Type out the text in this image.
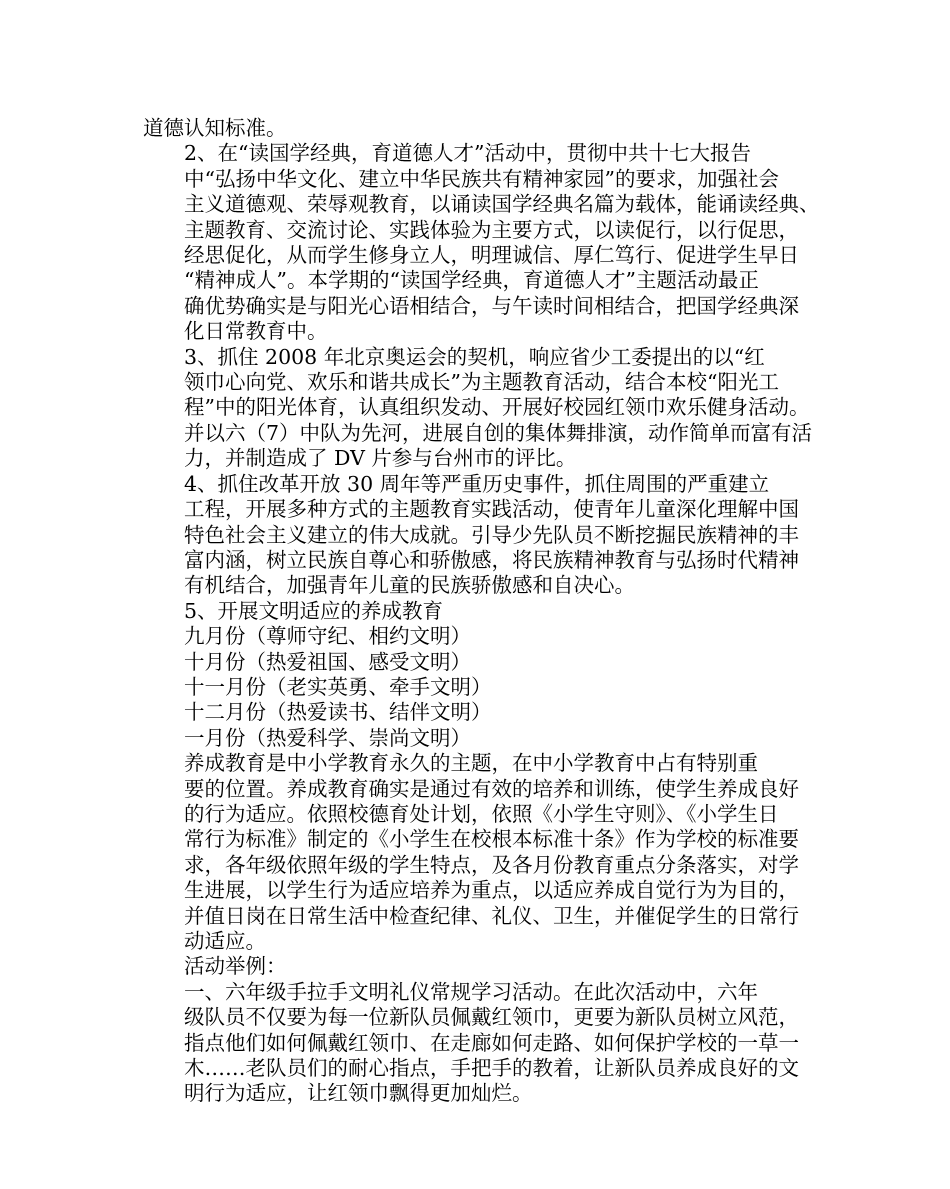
道德认知标准。
2、在“读国学经典，育道德人才”活动中，贯彻中共十七大报告
中“弘扬中华文化、建立中华民族共有精神家园”的要求，加强社会
主义道德观、荣辱观教育，以诵读国学经典名篇为载体，能诵读经典、
主题教育、交流讨论、实践体验为主要方式，以读促行，以行促思，
经思促化，从而学生修身立人，明理诚信、厚仁笃行、促进学生早日
“精神成人”。本学期的“读国学经典，育道德人才”主题活动最正
确优势确实是与阳光心语相结合，与午读时间相结合，把国学经典深
化日常教育中。
3、抓住 2008 年北京奥运会的契机，响应省少工委提出的以“红
领巾心向党、欢乐和谐共成长”为主题教育活动，结合本校“阳光工
程”中的阳光体育，认真组织发动、开展好校园红领巾欢乐健身活动。
并以六（7）中队为先河，进展自创的集体舞排演，动作简单而富有活
力，并制造成了 DV 片参与台州市的评比。
4、抓住改革开放 30 周年等严重历史事件，抓住周围的严重建立
工程，开展多种方式的主题教育实践活动，使青年儿童深化理解中国
特色社会主义建立的伟大成就。引导少先队员不断挖掘民族精神的丰
富内涵，树立民族自尊心和骄傲感，将民族精神教育与弘扬时代精神
有机结合，加强青年儿童的民族骄傲感和自决心。
5、开展文明适应的养成教育
九月份（尊师守纪、相约文明）
十月份（热爱祖国、感受文明）
十一月份（老实英勇、牵手文明）
十二月份（热爱读书、结伴文明）
一月份（热爱科学、崇尚文明）
养成教育是中小学教育永久的主题，在中小学教育中占有特别重
要的位置。养成教育确实是通过有效的培养和训练，使学生养成良好
的行为适应。依照校德育处计划，依照《小学生守则》、《小学生日
常行为标准》制定的《小学生在校根本标准十条》作为学校的标准要
求，各年级依照年级的学生特点，及各月份教育重点分条落实，对学
生进展，以学生行为适应培养为重点，以适应养成自觉行为为目的，
并值日岗在日常生活中检查纪律、礼仪、卫生，并催促学生的日常行
动适应。
活动举例：
一、六年级手拉手文明礼仪常规学习活动。在此次活动中，六年
级队员不仅要为每一位新队员佩戴红领巾，更要为新队员树立风范，
指点他们如何佩戴红领巾、在走廊如何走路、如何保护学校的一草一
木……老队员们的耐心指点，手把手的教着，让新队员养成良好的文
明行为适应，让红领巾飘得更加灿烂。
